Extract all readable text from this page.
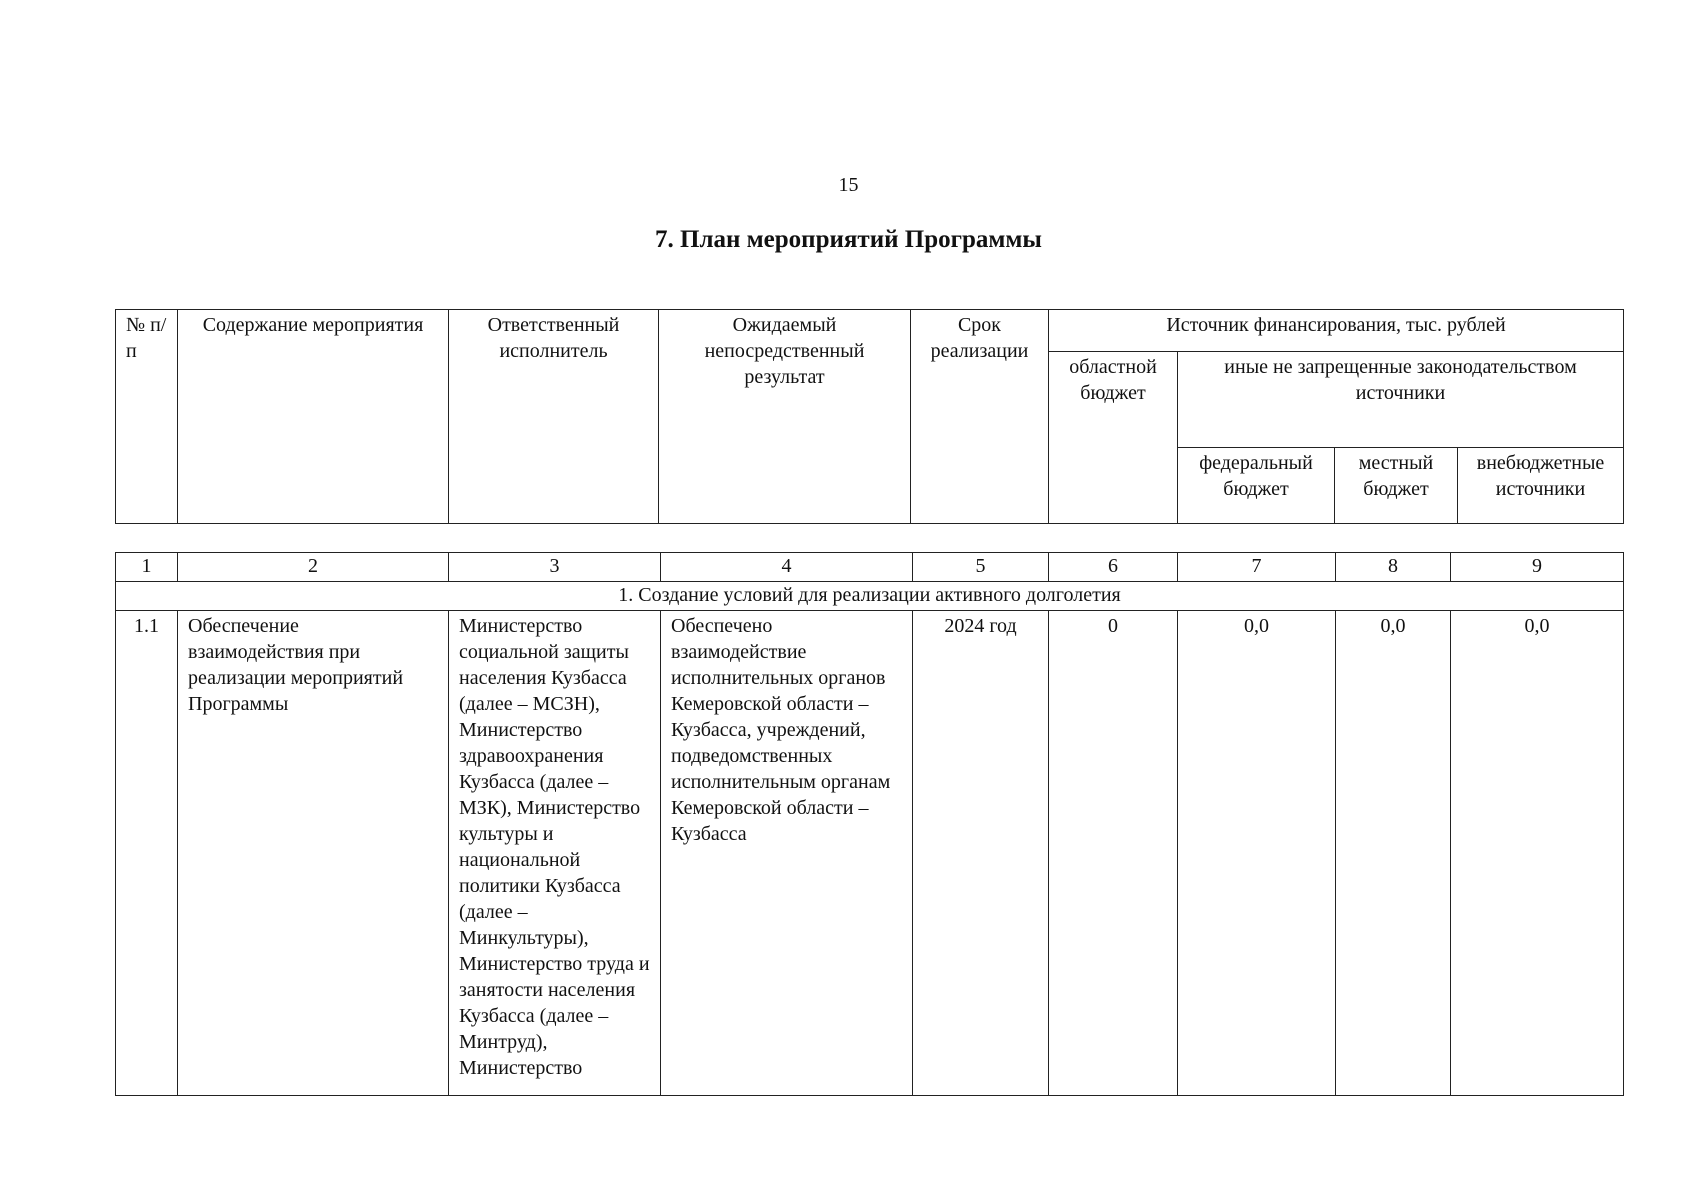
15
7. План мероприятий Программы
№ п/п	Содержание мероприятия	Ответственный исполнитель	Ожидаемый непосредственный результат	Срок реализации	Источник финансирования, тыс. рублей			
					областной бюджет	иные не запрещенные законодательством источники		
						федеральный бюджет	местный бюджет	внебюджетные источники
1	2	3	4	5	6	7	8	9
1. Создание условий для реализации активного долголетия								
1.1	Обеспечение взаимодействия при реализации мероприятий Программы	Министерство социальной защиты населения Кузбасса (далее – МСЗН), Министерство здравоохранения Кузбасса (далее – МЗК), Министерство культуры и национальной политики Кузбасса (далее – Минкультуры), Министерство труда и занятости населения Кузбасса (далее – Минтруд), Министерство	Обеспечено взаимодействие исполнительных органов Кемеровской области – Кузбасса, учреждений, подведомственных исполнительным органам Кемеровской области – Кузбасса	2024 год	0	0,0	0,0	0,0
